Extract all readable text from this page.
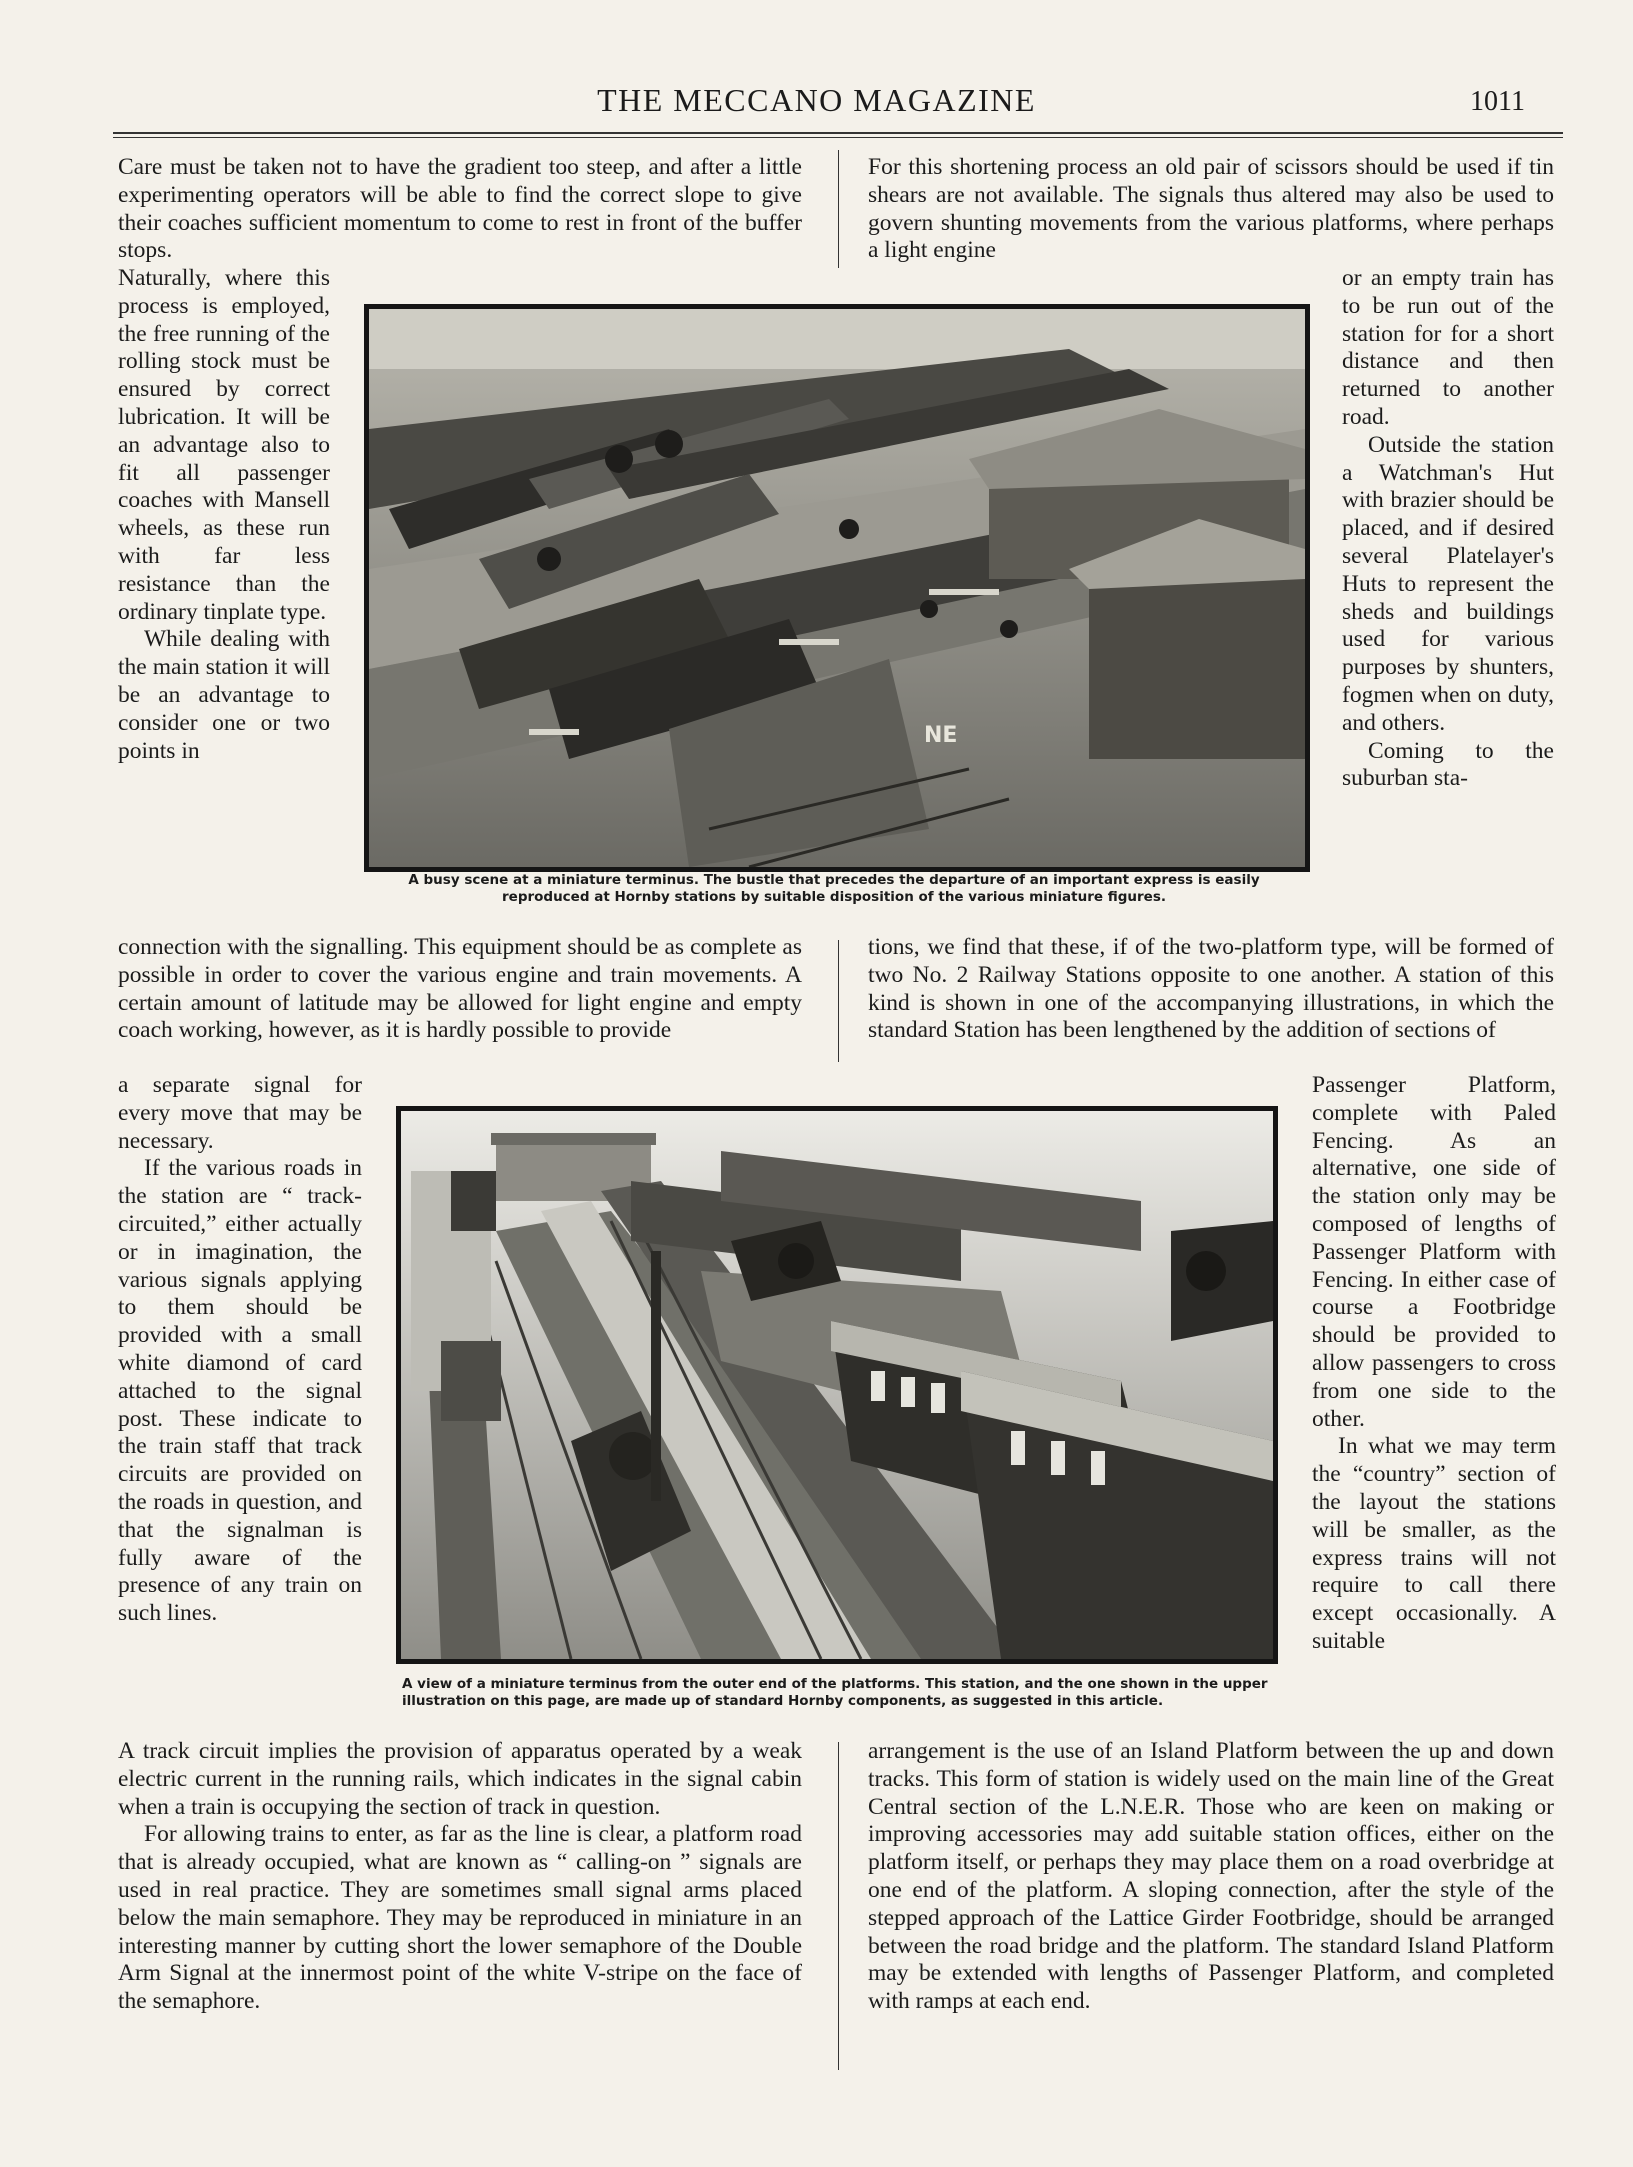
THE MECCANO MAGAZINE	1011
Care must be taken not to have the gradient too steep, and after a little experimenting operators will be able to find the correct slope to give their coaches sufficient momentum to come to rest in front of the buffer stops.
For this shortening process an old pair of scissors should be used if tin shears are not available. The signals thus altered may also be used to govern shunting movements from the various platforms, where perhaps a light engine

Naturally, where this process is employed, the free running of the rolling stock must be ensured by correct lubrication. It will be an advantage also to fit all passenger coaches with Mansell wheels, as these run with far less resistance than the ordinary tinplate type.

While dealing with the main station it will be an advantage to consider one or two points in

NE
A busy scene at a miniature terminus. The bustle that precedes the departure of an important express is easily reproduced at Hornby stations by suitable disposition of the various miniature figures.

or an empty train has to be run out of the station for for a short distance and then returned to another road.

Outside the station a Watchman's Hut with brazier should be placed, and if desired several Platelayer's Huts to represent the sheds and buildings used for various purposes by shunters, fogmen when on duty, and others.

Coming to the suburban sta-

connection with the signalling. This equipment should be as complete as possible in order to cover the various engine and train movements. A certain amount of latitude may be allowed for light engine and empty coach working, however, as it is hardly possible to provide
tions, we find that these, if of the two-platform type, will be formed of two No. 2 Railway Stations opposite to one another. A station of this kind is shown in one of the accompanying illustrations, in which the standard Station has been lengthened by the addition of sections of

a separate signal for every move that may be necessary.

If the various roads in the station are “ track-circuited,” either actually or in imagination, the various signals applying to them should be provided with a small white diamond of card attached to the signal post. These indicate to the train staff that track circuits are provided on the roads in question, and that the signalman is fully aware of the presence of any train on such lines.

A view of a miniature terminus from the outer end of the platforms. This station, and the one shown in the upper illustration on this page, are made up of standard Hornby components, as suggested in this article.

Passenger Platform, complete with Paled Fencing. As an alternative, one side of the station only may be composed of lengths of Passenger Platform with Fencing. In either case of course a Footbridge should be provided to allow passengers to cross from one side to the other.

In what we may term the “country” section of the layout the stations will be smaller, as the express trains will not require to call there except occasionally. A suitable

A track circuit implies the provision of apparatus operated by a weak electric current in the running rails, which indicates in the signal cabin when a train is occupying the section of track in question.

For allowing trains to enter, as far as the line is clear, a platform road that is already occupied, what are known as “ calling-on ” signals are used in real practice. They are sometimes small signal arms placed below the main semaphore. They may be reproduced in miniature in an interesting manner by cutting short the lower semaphore of the Double Arm Signal at the innermost point of the white V-stripe on the face of the semaphore.

arrangement is the use of an Island Platform between the up and down tracks. This form of station is widely used on the main line of the Great Central section of the L.N.E.R. Those who are keen on making or improving accessories may add suitable station offices, either on the platform itself, or perhaps they may place them on a road overbridge at one end of the platform. A sloping connection, after the style of the stepped approach of the Lattice Girder Footbridge, should be arranged between the road bridge and the platform. The standard Island Platform may be extended with lengths of Passenger Platform, and completed with ramps at each end.
